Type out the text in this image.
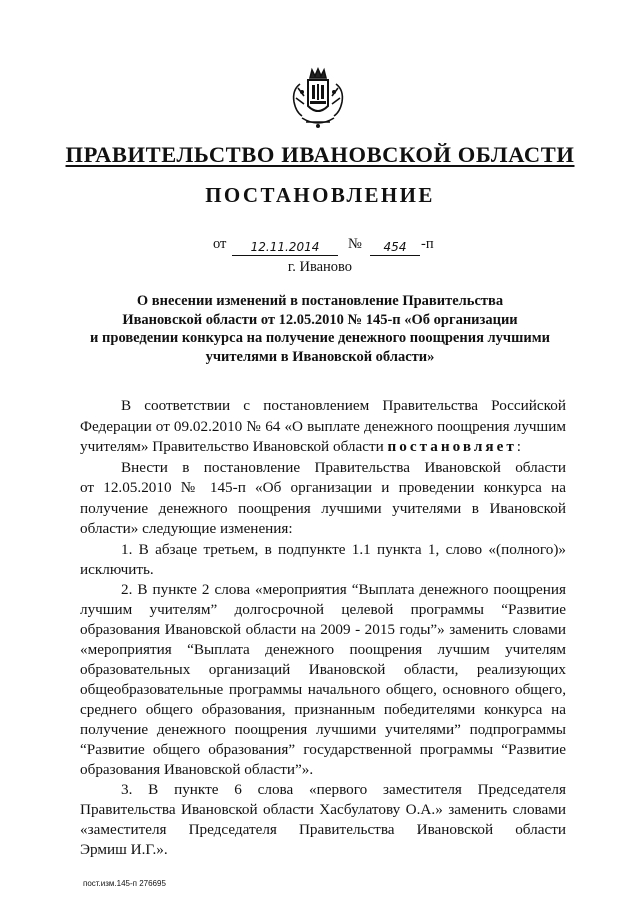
ПРАВИТЕЛЬСТВО ИВАНОВСКОЙ ОБЛАСТИ
ПОСТАНОВЛЕНИЕ
от	12.11.2014	№	454	-п
г. Иваново
О внесении изменений в постановление Правительства
Ивановской области от 12.05.2010 № 145-п «Об организации
и проведении конкурса на получение денежного поощрения лучшими
учителями в Ивановской области»
В соответствии с постановлением Правительства Российской
Федерации от 09.02.2010 № 64 «О выплате денежного поощрения лучшим
учителям» Правительство Ивановской области постановляет:
Внести в постановление Правительства Ивановской области
от 12.05.2010 № 145-п «Об организации и проведении конкурса на
получение денежного поощрения лучшими учителями в Ивановской
области» следующие изменения:
1. В абзаце третьем, в подпункте 1.1 пункта 1, слово «(полного)»
исключить.
2. В пункте 2 слова «мероприятия “Выплата денежного поощрения
лучшим учителям” долгосрочной целевой программы “Развитие
образования Ивановской области на 2009 - 2015 годы”» заменить словами
«мероприятия “Выплата денежного поощрения лучшим учителям
образовательных организаций Ивановской области, реализующих
общеобразовательные программы начального общего, основного общего,
среднего общего образования, признанным победителями конкурса на
получение денежного поощрения лучшими учителями” подпрограммы
“Развитие общего образования” государственной программы “Развитие
образования Ивановской области”».
3. В пункте 6 слова «первого заместителя Председателя
Правительства Ивановской области Хасбулатову О.А.» заменить словами
«заместителя Председателя Правительства Ивановской области
Эрмиш И.Г.».
пост.изм.145-п 276695
